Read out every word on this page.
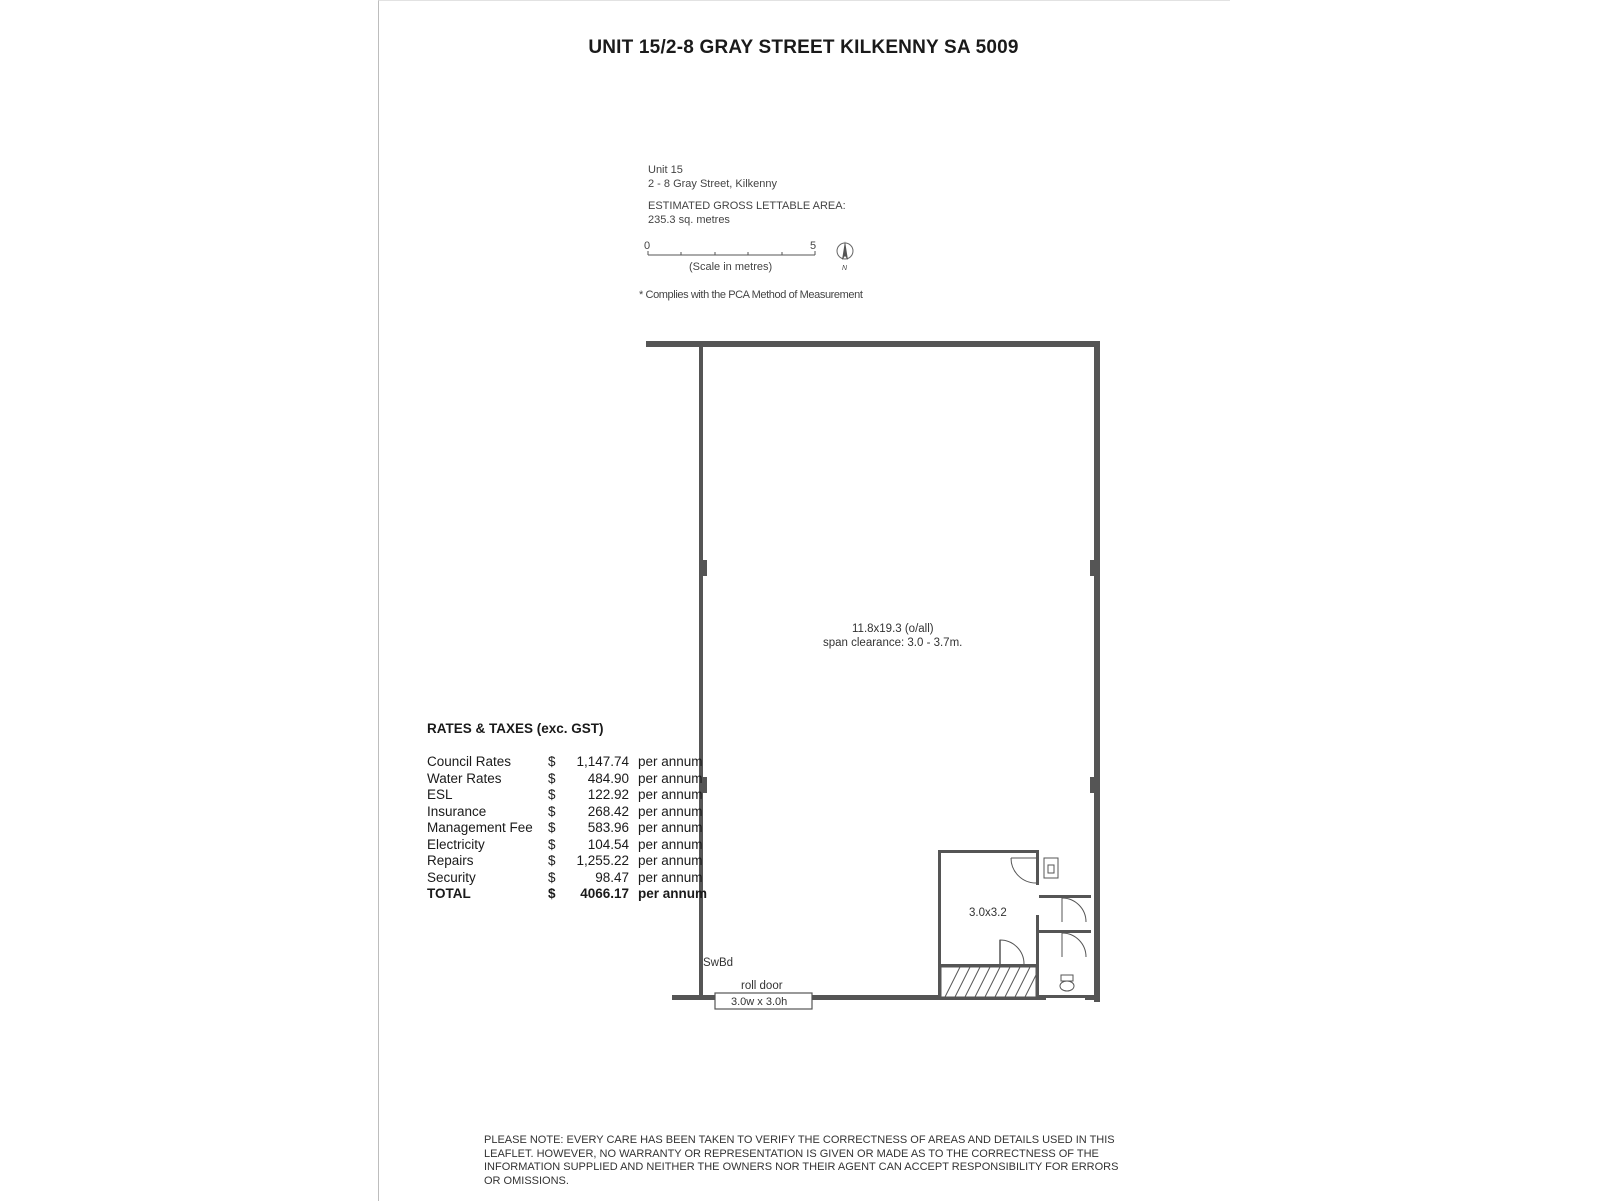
UNIT 15/2-8 GRAY STREET KILKENNY SA 5009
Unit 15
2 - 8 Gray Street, Kilkenny
ESTIMATED GROSS LETTABLE AREA:
235.3 sq. metres
0	5
(Scale in metres)	N
* Complies with the PCA Method of Measurement
roll door
3.0w x 3.0h
SwBd
11.8x19.3 (o/all)
span clearance: 3.0 - 3.7m.
3.0x3.2
RATES & TAXES (exc. GST)
Council Rates	$	1,147.74	per annum
Water Rates	$	484.90	per annum
ESL	$	122.92	per annum
Insurance	$	268.42	per annum
Management Fee	$	583.96	per annum
Electricity	$	104.54	per annum
Repairs	$	1,255.22	per annum
Security	$	98.47	per annum
TOTAL	$	4066.17	per annum
PLEASE NOTE: EVERY CARE HAS BEEN TAKEN TO VERIFY THE CORRECTNESS OF AREAS AND DETAILS USED IN THIS LEAFLET. HOWEVER, NO WARRANTY OR REPRESENTATION IS GIVEN OR MADE AS TO THE CORRECTNESS OF THE INFORMATION SUPPLIED AND NEITHER THE OWNERS NOR THEIR AGENT CAN ACCEPT RESPONSIBILITY FOR ERRORS OR OMISSIONS.
